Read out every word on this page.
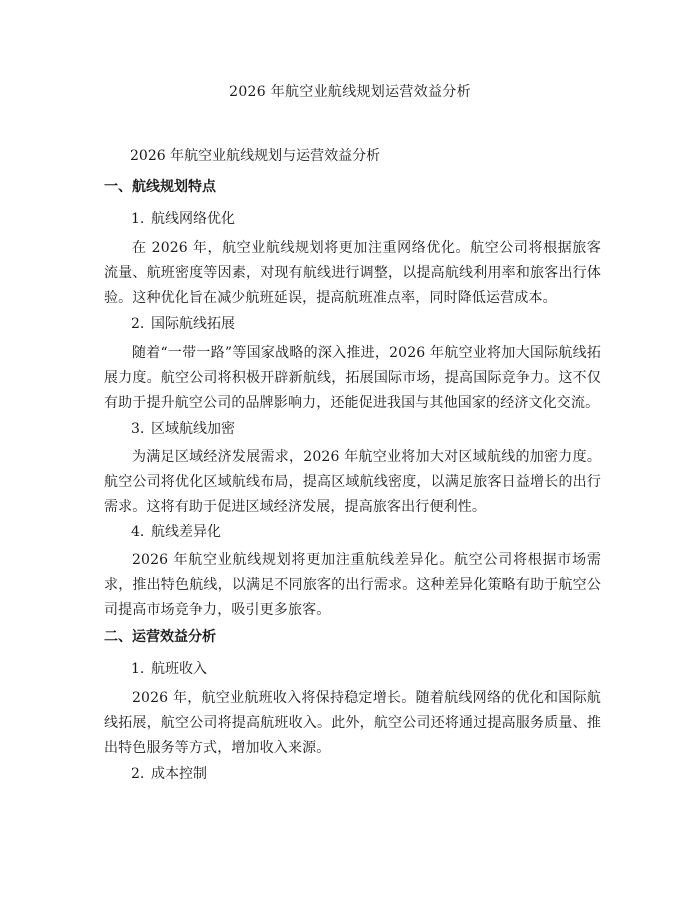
2026 年航空业航线规划运营效益分析
2026 年航空业航线规划与运营效益分析
一、航线规划特点
1. 航线网络优化
在 2026 年，航空业航线规划将更加注重网络优化。航空公司将根据旅客流量、航班密度等因素，对现有航线进行调整，以提高航线利用率和旅客出行体验。这种优化旨在减少航班延误，提高航班准点率，同时降低运营成本。
2. 国际航线拓展
随着“一带一路”等国家战略的深入推进，2026 年航空业将加大国际航线拓展力度。航空公司将积极开辟新航线，拓展国际市场，提高国际竞争力。这不仅有助于提升航空公司的品牌影响力，还能促进我国与其他国家的经济文化交流。
3. 区域航线加密
为满足区域经济发展需求，2026 年航空业将加大对区域航线的加密力度。航空公司将优化区域航线布局，提高区域航线密度，以满足旅客日益增长的出行需求。这将有助于促进区域经济发展，提高旅客出行便利性。
4. 航线差异化
2026 年航空业航线规划将更加注重航线差异化。航空公司将根据市场需求，推出特色航线，以满足不同旅客的出行需求。这种差异化策略有助于航空公司提高市场竞争力，吸引更多旅客。
二、运营效益分析
1. 航班收入
2026 年，航空业航班收入将保持稳定增长。随着航线网络的优化和国际航线拓展，航空公司将提高航班收入。此外，航空公司还将通过提高服务质量、推出特色服务等方式，增加收入来源。
2. 成本控制
